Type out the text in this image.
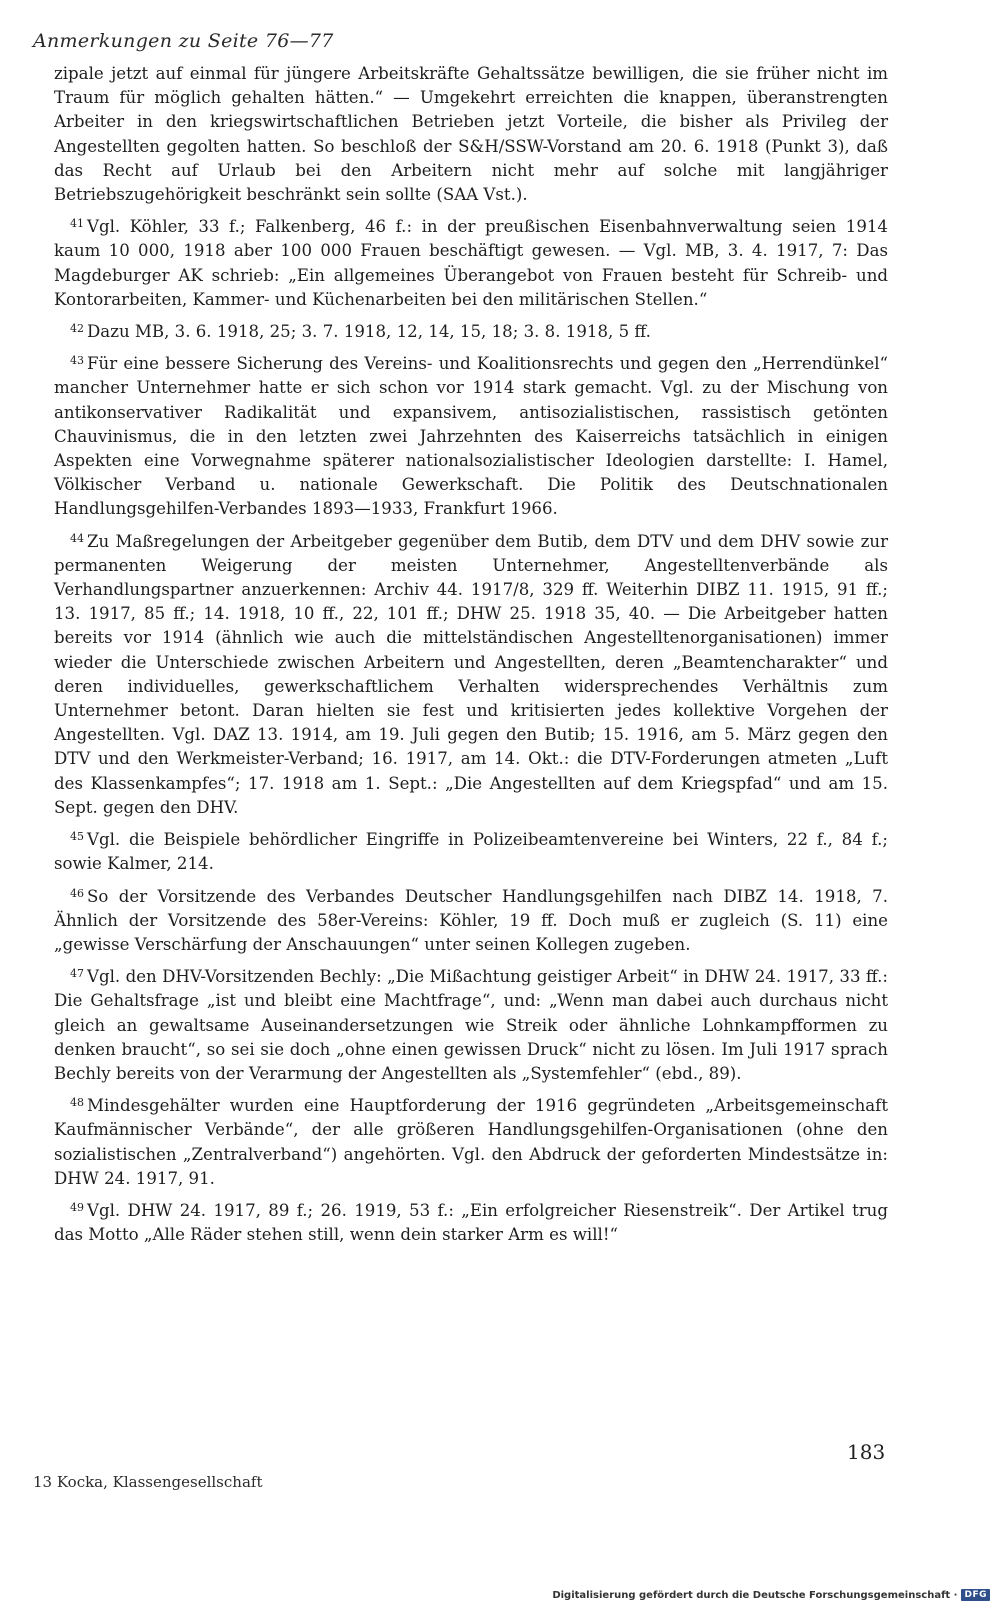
Anmerkungen zu Seite 76—77

zipale jetzt auf einmal für jüngere Arbeitskräfte Gehaltssätze bewilligen, die sie früher nicht im Traum für möglich gehalten hätten.“ — Umgekehrt erreichten die knappen, überanstrengten Arbeiter in den kriegswirtschaftlichen Betrieben jetzt Vorteile, die bisher als Privileg der Angestellten gegolten hatten. So beschloß der S&H/SSW-Vorstand am 20. 6. 1918 (Punkt 3), daß das Recht auf Urlaub bei den Arbeitern nicht mehr auf solche mit langjähriger Betriebszugehörigkeit beschränkt sein sollte (SAA Vst.).

$^{41}$ Vgl. Köhler, 33 f.; Falkenberg, 46 f.: in der preußischen Eisenbahnverwaltung seien 1914 kaum 10 000, 1918 aber 100 000 Frauen beschäftigt gewesen. — Vgl. MB, 3. 4. 1917, 7: Das Magdeburger AK schrieb: „Ein allgemeines Überangebot von Frauen besteht für Schreib- und Kontorarbeiten, Kammer- und Küchenarbeiten bei den militärischen Stellen.“

$^{42}$ Dazu MB, 3. 6. 1918, 25; 3. 7. 1918, 12, 14, 15, 18; 3. 8. 1918, 5 ff.

$^{43}$ Für eine bessere Sicherung des Vereins- und Koalitionsrechts und gegen den „Herrendünkel“ mancher Unternehmer hatte er sich schon vor 1914 stark gemacht. Vgl. zu der Mischung von antikonservativer Radikalität und expansivem, antisozialistischen, rassistisch getönten Chauvinismus, die in den letzten zwei Jahrzehnten des Kaiserreichs tatsächlich in einigen Aspekten eine Vorwegnahme späterer nationalsozialistischer Ideologien darstellte: I. Hamel, Völkischer Verband u. nationale Gewerkschaft. Die Politik des Deutschnationalen Handlungsgehilfen-Verbandes 1893—1933, Frankfurt 1966.

$^{44}$ Zu Maßregelungen der Arbeitgeber gegenüber dem Butib, dem DTV und dem DHV sowie zur permanenten Weigerung der meisten Unternehmer, Angestelltenverbände als Verhandlungspartner anzuerkennen: Archiv 44. 1917/8, 329 ff. Weiterhin DIBZ 11. 1915, 91 ff.; 13. 1917, 85 ff.; 14. 1918, 10 ff., 22, 101 ff.; DHW 25. 1918 35, 40. — Die Arbeitgeber hatten bereits vor 1914 (ähnlich wie auch die mittelständischen Angestelltenorganisationen) immer wieder die Unterschiede zwischen Arbeitern und Angestellten, deren „Beamtencharakter“ und deren individuelles, gewerkschaftlichem Verhalten widersprechendes Verhältnis zum Unternehmer betont. Daran hielten sie fest und kritisierten jedes kollektive Vorgehen der Angestellten. Vgl. DAZ 13. 1914, am 19. Juli gegen den Butib; 15. 1916, am 5. März gegen den DTV und den Werkmeister-Verband; 16. 1917, am 14. Okt.: die DTV-Forderungen atmeten „Luft des Klassenkampfes“; 17. 1918 am 1. Sept.: „Die Angestellten auf dem Kriegspfad“ und am 15. Sept. gegen den DHV.

$^{45}$ Vgl. die Beispiele behördlicher Eingriffe in Polizeibeamtenvereine bei Winters, 22 f., 84 f.; sowie Kalmer, 214.

$^{46}$ So der Vorsitzende des Verbandes Deutscher Handlungsgehilfen nach DIBZ 14. 1918, 7. Ähnlich der Vorsitzende des 58er-Vereins: Köhler, 19 ff. Doch muß er zugleich (S. 11) eine „gewisse Verschärfung der Anschauungen“ unter seinen Kollegen zugeben.

$^{47}$ Vgl. den DHV-Vorsitzenden Bechly: „Die Mißachtung geistiger Arbeit“ in DHW 24. 1917, 33 ff.: Die Gehaltsfrage „ist und bleibt eine Machtfrage“, und: „Wenn man dabei auch durchaus nicht gleich an gewaltsame Auseinandersetzungen wie Streik oder ähnliche Lohnkampfformen zu denken braucht“, so sei sie doch „ohne einen gewissen Druck“ nicht zu lösen. Im Juli 1917 sprach Bechly bereits von der Verarmung der Angestellten als „Systemfehler“ (ebd., 89).

$^{48}$ Mindesgehälter wurden eine Hauptforderung der 1916 gegründeten „Arbeitsgemeinschaft Kaufmännischer Verbände“, der alle größeren Handlungsgehilfen-Organisationen (ohne den sozialistischen „Zentralverband“) angehörten. Vgl. den Abdruck der geforderten Mindestsätze in: DHW 24. 1917, 91.

$^{49}$ Vgl. DHW 24. 1917, 89 f.; 26. 1919, 53 f.: „Ein erfolgreicher Riesenstreik“. Der Artikel trug das Motto „Alle Räder stehen still, wenn dein starker Arm es will!“

183
13 Kocka, Klassengesellschaft
Digitalisierung gefördert durch die Deutsche Forschungsgemeinschaft · DFG
